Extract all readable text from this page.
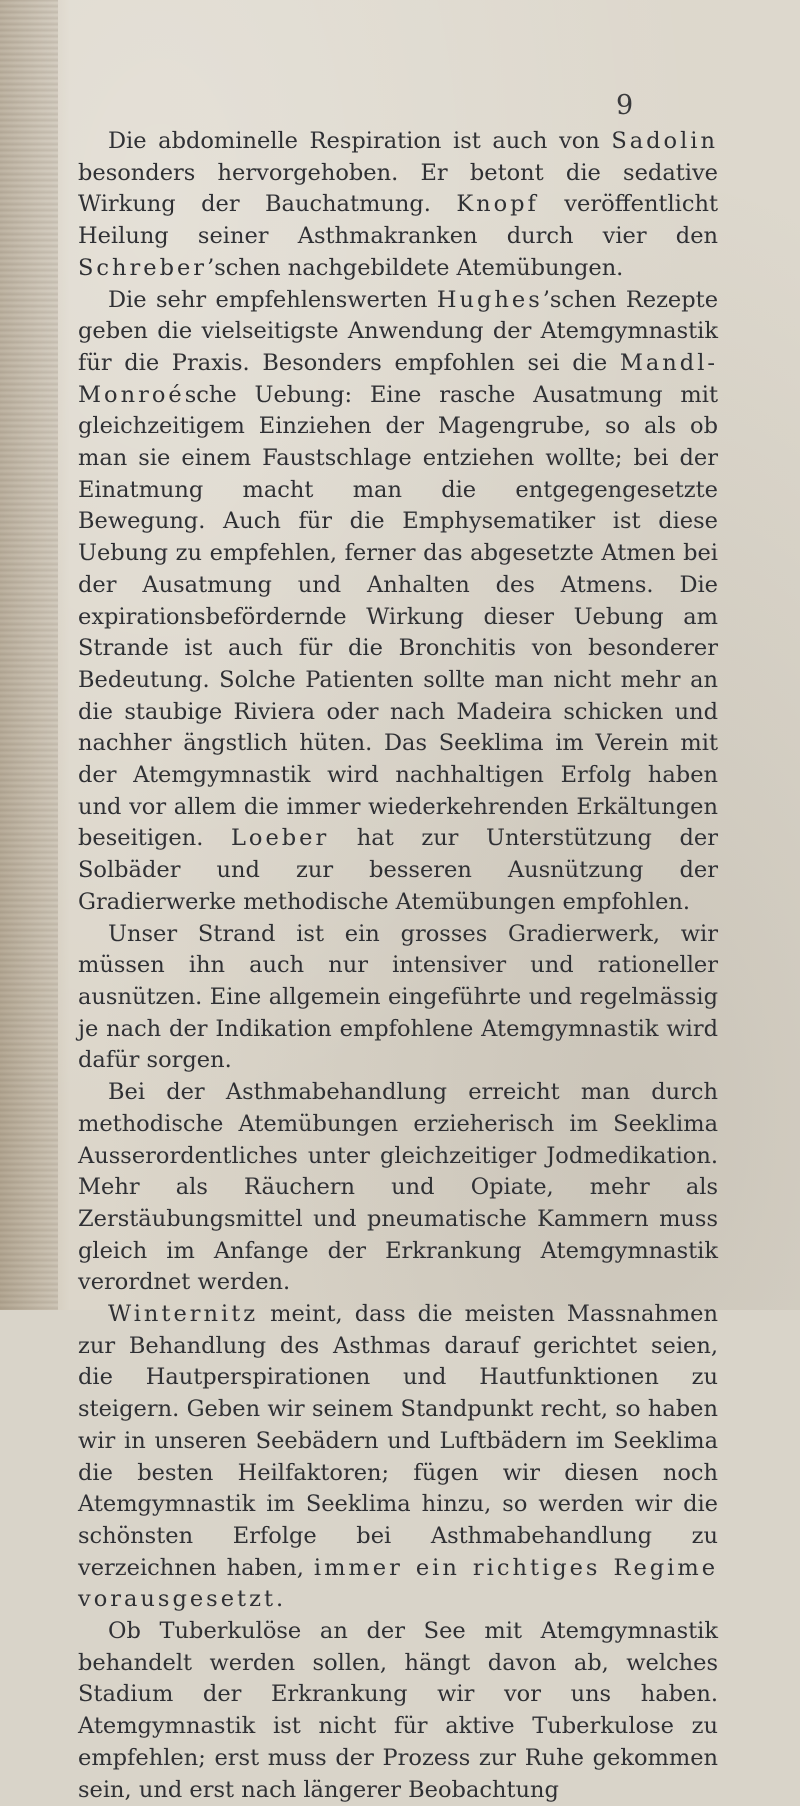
9

Die abdominelle Respiration ist auch von Sadolin besonders hervorgehoben. Er betont die sedative Wirkung der Bauchatmung. Knopf veröffentlicht Heilung seiner Asthmakranken durch vier den Schreber’schen nachgebildete Atemübungen.

Die sehr empfehlenswerten Hughes’schen Rezepte geben die vielseitigste Anwendung der Atemgymnastik für die Praxis. Besonders empfohlen sei die Mandl-Monroésche Uebung: Eine rasche Ausatmung mit gleichzeitigem Einziehen der Magengrube, so als ob man sie einem Faustschlage entziehen wollte; bei der Einatmung macht man die entgegengesetzte Bewegung. Auch für die Emphysematiker ist diese Uebung zu empfehlen, ferner das abgesetzte Atmen bei der Ausatmung und Anhalten des Atmens. Die expirationsbefördernde Wirkung dieser Uebung am Strande ist auch für die Bronchitis von besonderer Bedeutung. Solche Patienten sollte man nicht mehr an die staubige Riviera oder nach Madeira schicken und nachher ängstlich hüten. Das Seeklima im Verein mit der Atemgymnastik wird nachhaltigen Erfolg haben und vor allem die immer wiederkehrenden Erkältungen beseitigen. Loeber hat zur Unterstützung der Solbäder und zur besseren Ausnützung der Gradierwerke methodische Atemübungen empfohlen.

Unser Strand ist ein grosses Gradierwerk, wir müssen ihn auch nur intensiver und rationeller ausnützen. Eine allgemein eingeführte und regelmässig je nach der Indikation empfohlene Atemgymnastik wird dafür sorgen.

Bei der Asthmabehandlung erreicht man durch methodische Atemübungen erzieherisch im Seeklima Ausserordentliches unter gleichzeitiger Jodmedikation. Mehr als Räuchern und Opiate, mehr als Zerstäubungsmittel und pneumatische Kammern muss gleich im Anfange der Erkrankung Atemgymnastik verordnet werden.

Winternitz meint, dass die meisten Massnahmen zur Behandlung des Asthmas darauf gerichtet seien, die Hautperspirationen und Hautfunktionen zu steigern. Geben wir seinem Standpunkt recht, so haben wir in unseren Seebädern und Luftbädern im Seeklima die besten Heilfaktoren; fügen wir diesen noch Atemgymnastik im Seeklima hinzu, so werden wir die schönsten Erfolge bei Asthmabehandlung zu verzeichnen haben, immer ein richtiges Regime vorausgesetzt.

Ob Tuberkulöse an der See mit Atemgymnastik behandelt werden sollen, hängt davon ab, welches Stadium der Erkrankung wir vor uns haben. Atemgymnastik ist nicht für aktive Tuberkulose zu empfehlen; erst muss der Prozess zur Ruhe gekommen sein, und erst nach längerer Beobachtung
